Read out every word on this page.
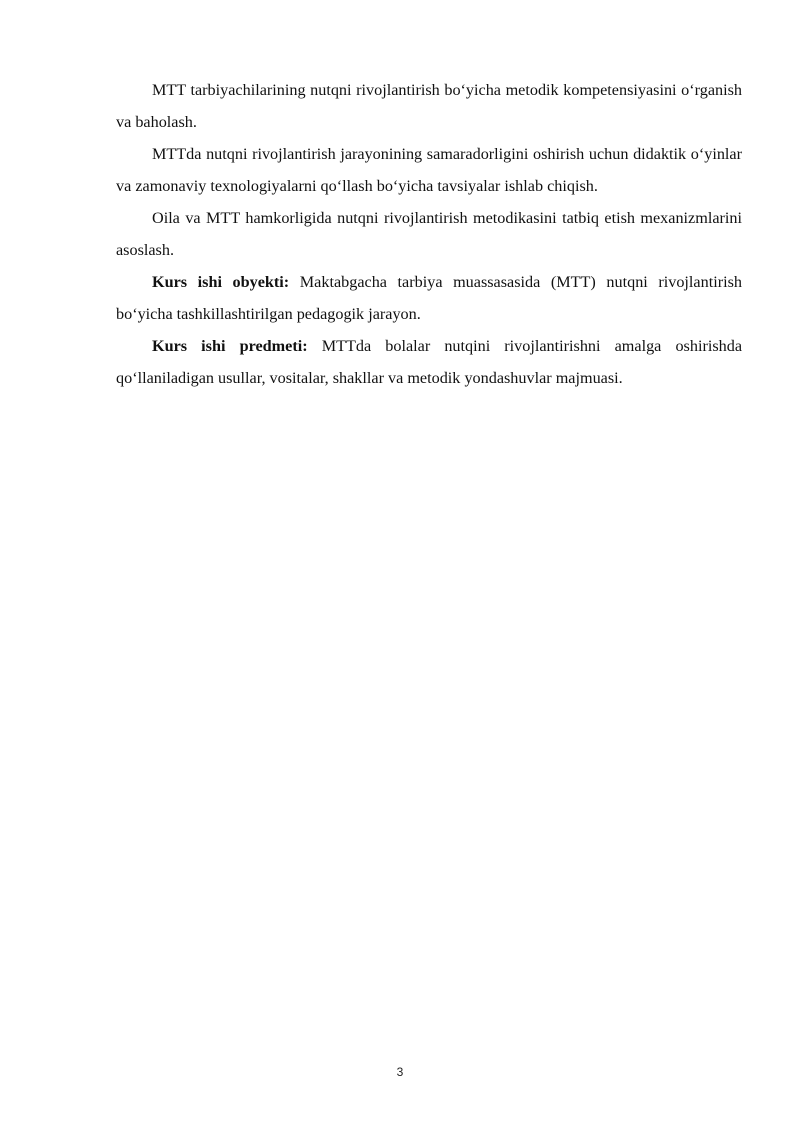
MTT tarbiyachilarining nutqni rivojlantirish bo‘yicha metodik kompetensiyasini o‘rganish va baholash.

MTTda nutqni rivojlantirish jarayonining samaradorligini oshirish uchun didaktik o‘yinlar va zamonaviy texnologiyalarni qo‘llash bo‘yicha tavsiyalar ishlab chiqish.

Oila va MTT hamkorligida nutqni rivojlantirish metodikasini tatbiq etish mexanizmlarini asoslash.

Kurs ishi obyekti: Maktabgacha tarbiya muassasasida (MTT) nutqni rivojlantirish bo‘yicha tashkillashtirilgan pedagogik jarayon.

Kurs ishi predmeti: MTTda bolalar nutqini rivojlantirishni amalga oshirishda qo‘llaniladigan usullar, vositalar, shakllar va metodik yondashuvlar majmuasi.

3
